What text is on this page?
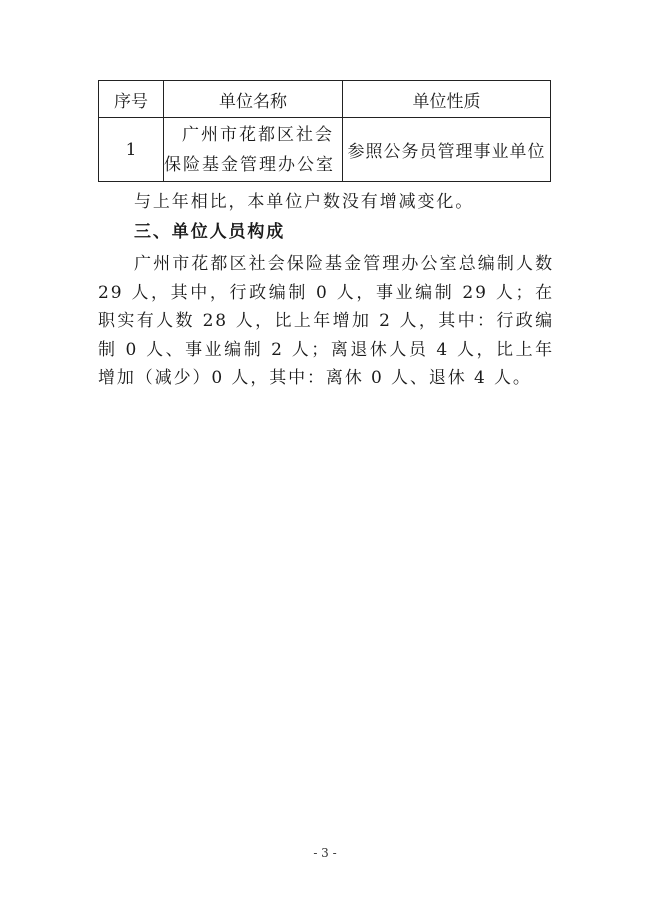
序号	单位名称	单位性质
1	广州市花都区社会
保险基金管理办公室	参照公务员管理事业单位

与上年相比，本单位户数没有增减变化。

三、单位人员构成

广州市花都区社会保险基金管理办公室总编制人数 29 人，其中，行政编制 0 人，事业编制 29 人；在职实有人数 28 人，比上年增加 2 人，其中：行政编制 0 人、事业编制 2 人；离退休人员 4 人，比上年增加（减少）0 人，其中：离休 0 人、退休 4 人。

- 3 -
